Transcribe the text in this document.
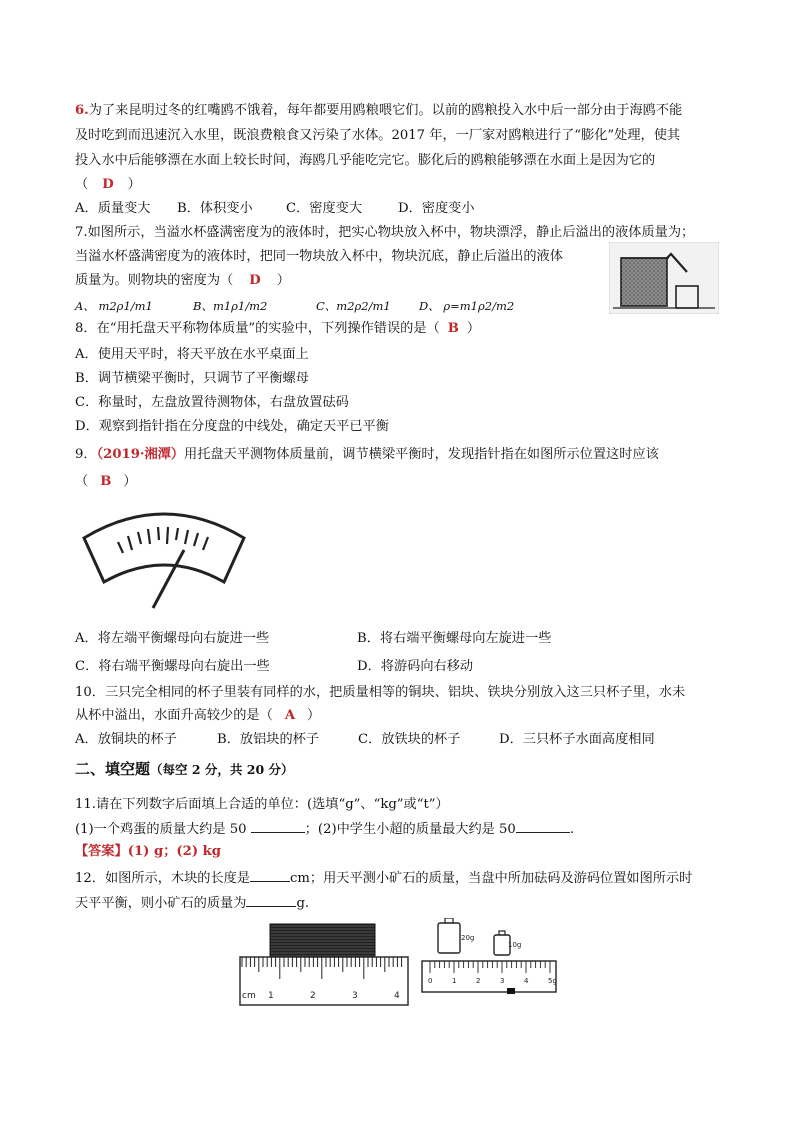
6.为了来昆明过冬的红嘴鸥不饿着，每年都要用鸥粮喂它们。以前的鸥粮投入水中后一部分由于海鸥不能
及时吃到而迅速沉入水里，既浪费粮食又污染了水体。2017 年，一厂家对鸥粮进行了“膨化”处理，使其
投入水中后能够漂在水面上较长时间，海鸥几乎能吃完它。膨化后的鸥粮能够漂在水面上是因为它的
（ D ）
A．质量变大 B．体积变小	C．密度变大	D．密度变小
7.如图所示，当溢水杯盛满密度为的液体时，把实心物块放入杯中，物块漂浮，静止后溢出的液体质量为；
当溢水杯盛满密度为的液体时，把同一物块放入杯中，物块沉底，静止后溢出的液体
质量为。则物块的密度为（ D ）
A、 m2ρ1/m1	B、m1ρ1/m2	C、m2ρ2/m1 D、 ρ=m1ρ2/m2
8．在“用托盘天平称物体质量”的实验中，下列操作错误的是（ B ）
A．使用天平时，将天平放在水平桌面上
B．调节横梁平衡时，只调节了平衡螺母
C．称量时，左盘放置待测物体，右盘放置砝码
D．观察到指针指在分度盘的中线处，确定天平已平衡
9．（2019·湘潭）用托盘天平测物体质量前，调节横梁平衡时，发现指针指在如图所示位置这时应该
（ B ）
A．将左端平衡螺母向右旋进一些	B．将右端平衡螺母向左旋进一些
C．将右端平衡螺母向右旋出一些	D．将游码向右移动
10．三只完全相同的杯子里装有同样的水，把质量相等的铜块、铝块、铁块分别放入这三只杯子里，水未
从杯中溢出，水面升高较少的是（ A ）
A．放铜块的杯子	B．放铝块的杯子	C．放铁块的杯子	D．三只杯子水面高度相同
二、填空题（每空 2 分，共 20 分）
11.请在下列数字后面填上合适的单位：(选填“g”、“kg”或“t”）
(1)一个鸡蛋的质量大约是 50	；(2)中学生小超的质量最大约是 50	.
【答案】(1) g；(2) kg
12．如图所示，木块的长度是	cm；用天平测小矿石的质量，当盘中所加砝码及游码位置如图所示时
天平平衡，则小矿石的质量为	g.
cm 1	2	3	4
20g
10g
0	1	2	3	4	5g
